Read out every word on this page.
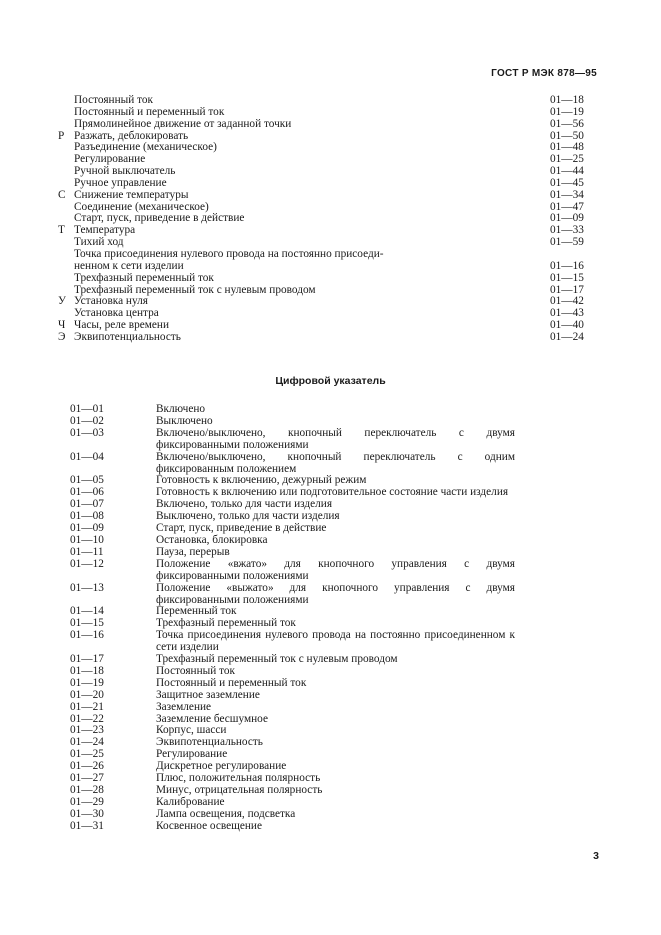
ГОСТ Р МЭК 878—95
Постоянный ток	01—18
Постоянный и переменный ток	01—19
Прямолинейное движение от заданной точки	01—56
Р Разжать, деблокировать	01—50
Разъединение (механическое)	01—48
Регулирование	01—25
Ручной выключатель	01—44
Ручное управление	01—45
С Снижение температуры	01—34
Соединение (механическое)	01—47
Старт, пуск, приведение в действие	01—09
Т Температура	01—33
Тихий ход	01—59
Точка присоединения нулевого провода на постоянно присоеди-
ненном к сети изделии	01—16
Трехфазный переменный ток	01—15
Трехфазный переменный ток с нулевым проводом	01—17
У Установка нуля	01—42
Установка центра	01—43
Ч Часы, реле времени	01—40
Э Эквипотенциальность	01—24
Цифровой указатель
01—01	Включено
01—02	Выключено
01—03	Включено/выключено, кнопочный переключатель с двумя фиксированными положениями
01—04	Включено/выключено, кнопочный переключатель с одним фиксированным положением
01—05	Готовность к включению, дежурный режим
01—06	Готовность к включению или подготовительное состояние части изделия
01—07	Включено, только для части изделия
01—08	Выключено, только для части изделия
01—09	Старт, пуск, приведение в действие
01—10	Остановка, блокировка
01—11	Пауза, перерыв
01—12	Положение «вжато» для кнопочного управления с двумя фиксированными положениями
01—13	Положение «выжато» для кнопочного управления с двумя фиксированными положениями
01—14	Переменный ток
01—15	Трехфазный переменный ток
01—16	Точка присоединения нулевого провода на постоянно присоединенном к сети изделии
01—17	Трехфазный переменный ток с нулевым проводом
01—18	Постоянный ток
01—19	Постоянный и переменный ток
01—20	Защитное заземление
01—21	Заземление
01—22	Заземление бесшумное
01—23	Корпус, шасси
01—24	Эквипотенциальность
01—25	Регулирование
01—26	Дискретное регулирование
01—27	Плюс, положительная полярность
01—28	Минус, отрицательная полярность
01—29	Калибрование
01—30	Лампа освещения, подсветка
01—31	Косвенное освещение
3
